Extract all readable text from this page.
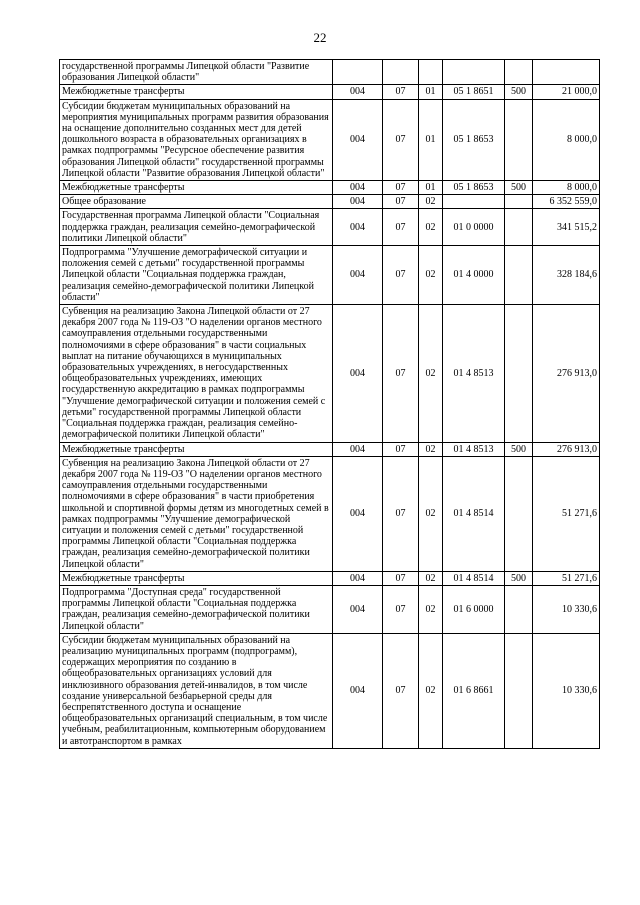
22
государственной программы Липецкой области "Развитие образования Липецкой области"						
Межбюджетные трансферты	004	07	01	05 1 8651	500	21 000,0
Субсидии бюджетам муниципальных образований на мероприятия муниципальных программ развития образования на оснащение дополнительно созданных мест для детей дошкольного возраста в образовательных организациях в рамках подпрограммы "Ресурсное обеспечение развития образования Липецкой области" государственной программы Липецкой области "Развитие образования Липецкой области"	004	07	01	05 1 8653		8 000,0
Межбюджетные трансферты	004	07	01	05 1 8653	500	8 000,0
Общее образование	004	07	02			6 352 559,0
Государственная программа Липецкой области "Социальная поддержка граждан, реализация семейно-демографической политики Липецкой области"	004	07	02	01 0 0000		341 515,2
Подпрограмма "Улучшение демографической ситуации и положения семей с детьми" государственной программы Липецкой области "Социальная поддержка граждан, реализация семейно-демографической политики Липецкой области"	004	07	02	01 4 0000		328 184,6
Субвенция на реализацию Закона Липецкой области от 27 декабря 2007 года № 119-ОЗ "О наделении органов местного самоуправления отдельными государственными полномочиями в сфере образования" в части социальных выплат на питание обучающихся в муниципальных образовательных учреждениях, в негосударственных общеобразовательных учреждениях, имеющих государственную аккредитацию в рамках подпрограммы "Улучшение демографической ситуации и положения семей с детьми" государственной программы Липецкой области "Социальная поддержка граждан, реализация семейно-демографической политики Липецкой области"	004	07	02	01 4 8513		276 913,0
Межбюджетные трансферты	004	07	02	01 4 8513	500	276 913,0
Субвенция на реализацию Закона Липецкой области от 27 декабря 2007 года № 119-ОЗ "О наделении органов местного самоуправления отдельными государственными полномочиями в сфере образования" в части приобретения школьной и спортивной формы детям из многодетных семей в рамках подпрограммы "Улучшение демографической ситуации и положения семей с детьми" государственной программы Липецкой области "Социальная поддержка граждан, реализация семейно-демографической политики Липецкой области"	004	07	02	01 4 8514		51 271,6
Межбюджетные трансферты	004	07	02	01 4 8514	500	51 271,6
Подпрограмма "Доступная среда" государственной программы Липецкой области "Социальная поддержка граждан, реализация семейно-демографической политики Липецкой области"	004	07	02	01 6 0000		10 330,6
Субсидии бюджетам муниципальных образований на реализацию муниципальных программ (подпрограмм), содержащих мероприятия по созданию в общеобразовательных организациях условий для инклюзивного образования детей-инвалидов, в том числе создание универсальной безбарьерной среды для беспрепятственного доступа и оснащение общеобразовательных организаций специальным, в том числе учебным, реабилитационным, компьютерным оборудованием и автотранспортом в рамках	004	07	02	01 6 8661		10 330,6
